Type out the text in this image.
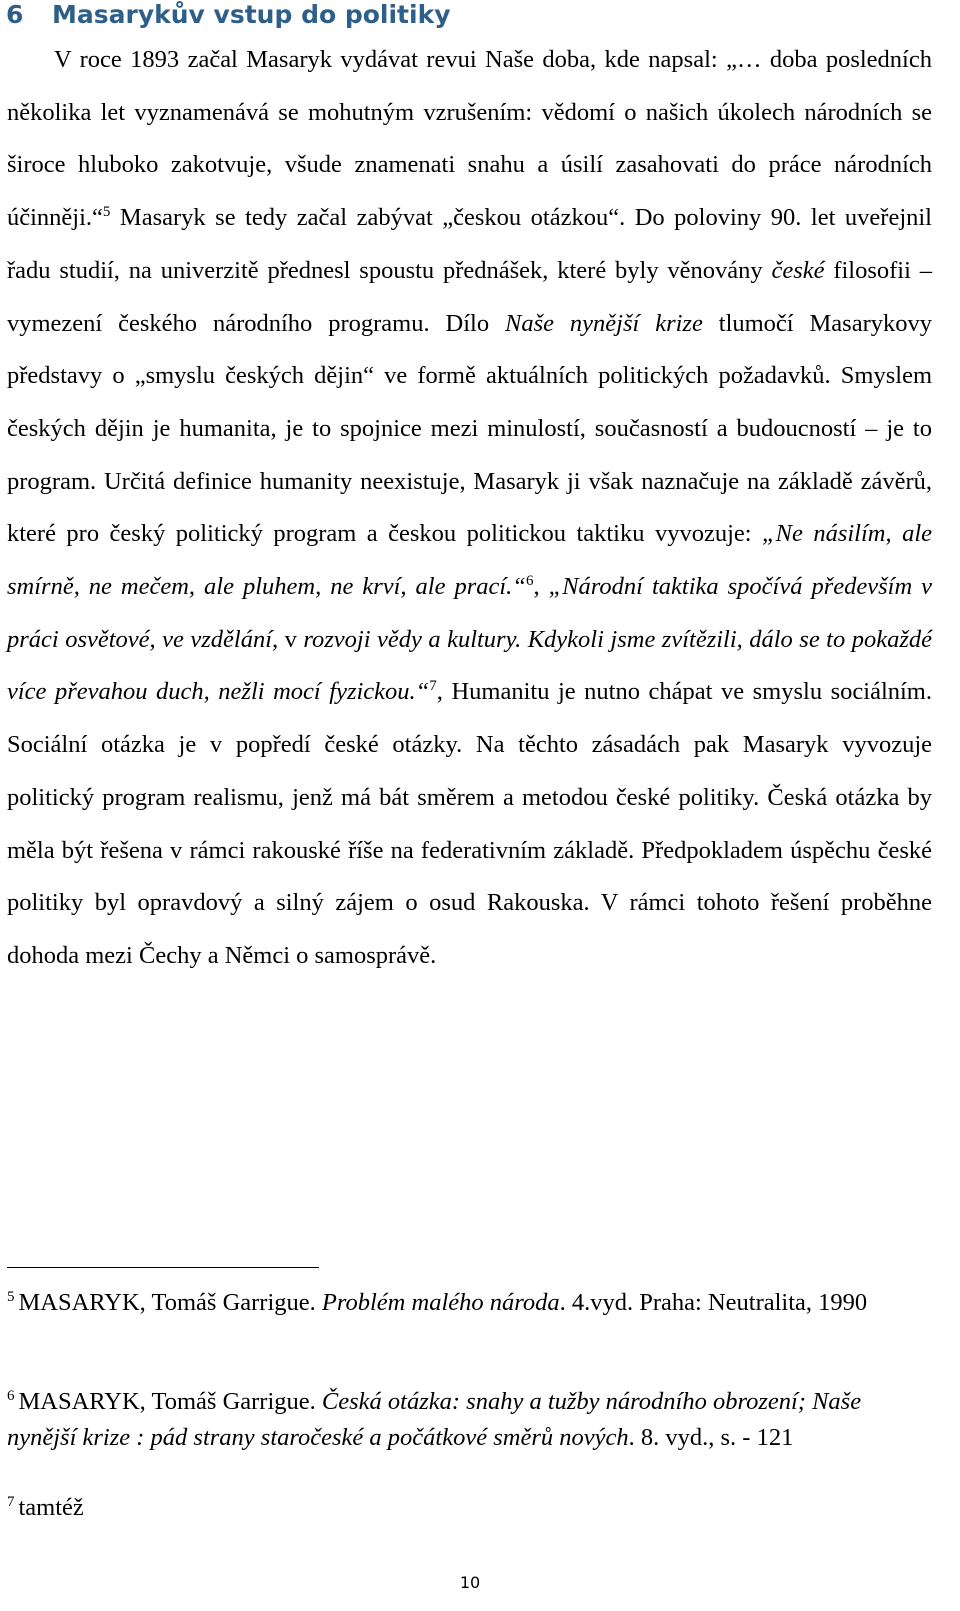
6 Masarykův vstup do politiky

V roce 1893 začal Masaryk vydávat revui Naše doba, kde napsal: „… doba posledních několika let vyznamenává se mohutným vzrušením: vědomí o našich úkolech národních se široce hluboko zakotvuje, všude znamenati snahu a úsilí zasahovati do práce národních účinněji.“$^5$ Masaryk se tedy začal zabývat „českou otázkou“. Do poloviny 90. let uveřejnil řadu studií, na univerzitě přednesl spoustu přednášek, které byly věnovány české filosofii – vymezení českého národního programu. Dílo Naše nynější krize tlumočí Masarykovy představy o „smyslu českých dějin“ ve formě aktuálních politických požadavků. Smyslem českých dějin je humanita, je to spojnice mezi minulostí, současností a budoucností – je to program. Určitá definice humanity neexistuje, Masaryk ji však naznačuje na základě závěrů, které pro český politický program a českou politickou taktiku vyvozuje: „Ne násilím, ale smírně, ne mečem, ale pluhem, ne krví, ale prací.“$^6$, „Národní taktika spočívá především v práci osvětové, ve vzdělání, v rozvoji vědy a kultury. Kdykoli jsme zvítězili, dálo se to pokaždé více převahou duch, nežli mocí fyzickou.“$^7$, Humanitu je nutno chápat ve smyslu sociálním. Sociální otázka je v popředí české otázky. Na těchto zásadách pak Masaryk vyvozuje politický program realismu, jenž má bát směrem a metodou české politiky. Česká otázka by měla být řešena v rámci rakouské říše na federativním základě. Předpokladem úspěchu české politiky byl opravdový a silný zájem o osud Rakouska. V rámci tohoto řešení proběhne dohoda mezi Čechy a Němci o samosprávě.

$^5$ MASARYK, Tomáš Garrigue. Problém malého národa. 4.vyd. Praha: Neutralita, 1990

$^6$ MASARYK, Tomáš Garrigue. Česká otázka: snahy a tužby národního obrození; Naše nynější krize : pád strany staročeské a počátkové směrů nových. 8. vyd., s. - 121

$^7$ tamtéž

10
